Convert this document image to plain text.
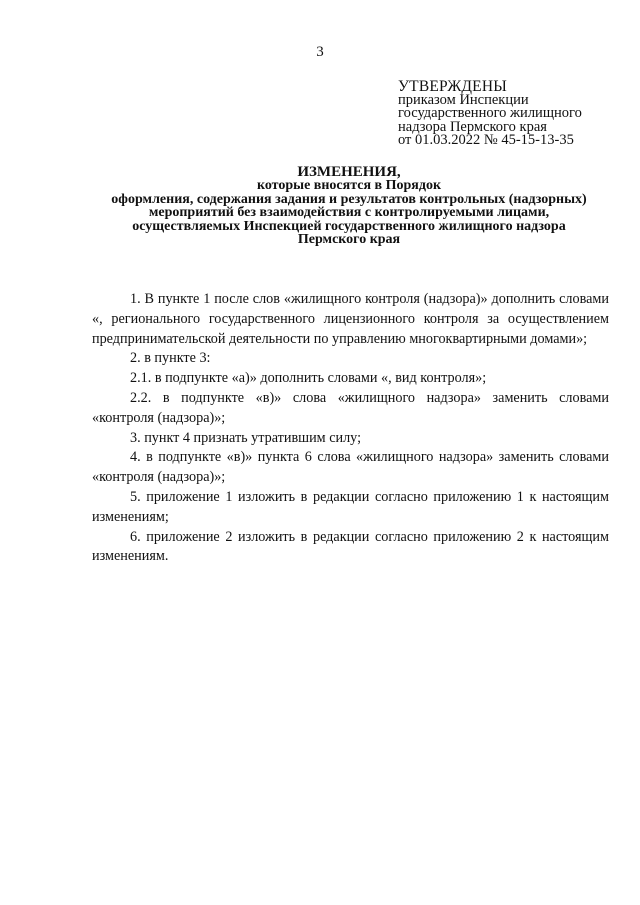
3
УТВЕРЖДЕНЫ
приказом Инспекции
государственного жилищного
надзора Пермского края
от 01.03.2022 № 45-15-13-35
ИЗМЕНЕНИЯ,
которые вносятся в Порядок
оформления, содержания задания и результатов контрольных (надзорных)
мероприятий без взаимодействия с контролируемыми лицами,
осуществляемых Инспекцией государственного жилищного надзора
Пермского края

1. В пункте 1 после слов «жилищного контроля (надзора)» дополнить словами «, регионального государственного лицензионного контроля за осуществлением предпринимательской деятельности по управлению многоквартирными домами»;

2. в пункте 3:

2.1. в подпункте «а)» дополнить словами «, вид контроля»;

2.2. в подпункте «в)» слова «жилищного надзора» заменить словами «контроля (надзора)»;

3. пункт 4 признать утратившим силу;

4. в подпункте «в)» пункта 6 слова «жилищного надзора» заменить словами «контроля (надзора)»;

5. приложение 1 изложить в редакции согласно приложению 1 к настоящим изменениям;

6. приложение 2 изложить в редакции согласно приложению 2 к настоящим изменениям.
